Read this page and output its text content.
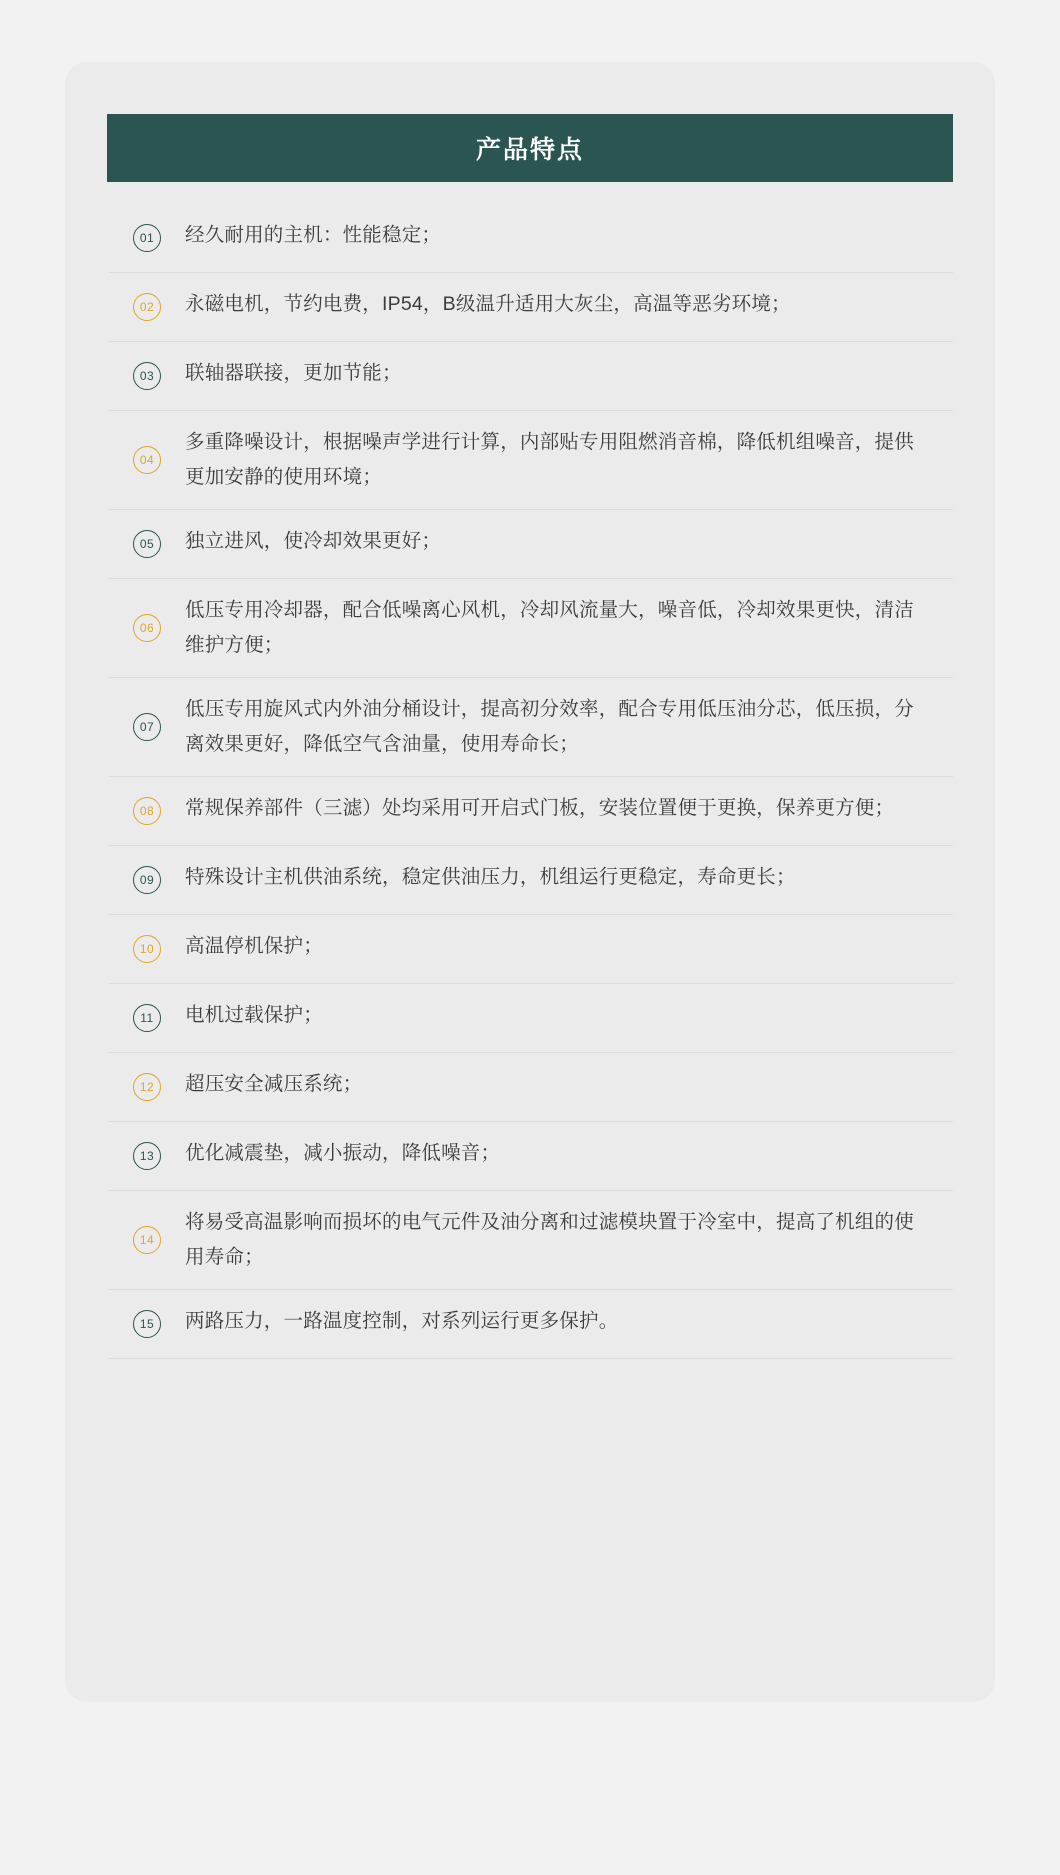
产品特点
01	经久耐用的主机：性能稳定；
02	永磁电机，节约电费，IP54，B级温升适用大灰尘，高温等恶劣环境；
03	联轴器联接，更加节能；
04
多重降噪设计，根据噪声学进行计算，内部贴专用阻燃消音棉，降低机组噪音，提供更加安静的使用环境；
05	独立进风，使冷却效果更好；
06
低压专用冷却器，配合低噪离心风机，冷却风流量大，噪音低，冷却效果更快，清洁维护方便；
07
低压专用旋风式内外油分桶设计，提高初分效率，配合专用低压油分芯，低压损，分离效果更好，降低空气含油量，使用寿命长；
08	常规保养部件（三滤）处均采用可开启式门板，安装位置便于更换，保养更方便；
09	特殊设计主机供油系统，稳定供油压力，机组运行更稳定，寿命更长；
10	高温停机保护；
11	电机过载保护；
12	超压安全减压系统；
13	优化减震垫，减小振动，降低噪音；
14
将易受高温影响而损坏的电气元件及油分离和过滤模块置于冷室中，提高了机组的使用寿命；
15	两路压力，一路温度控制，对系列运行更多保护。
